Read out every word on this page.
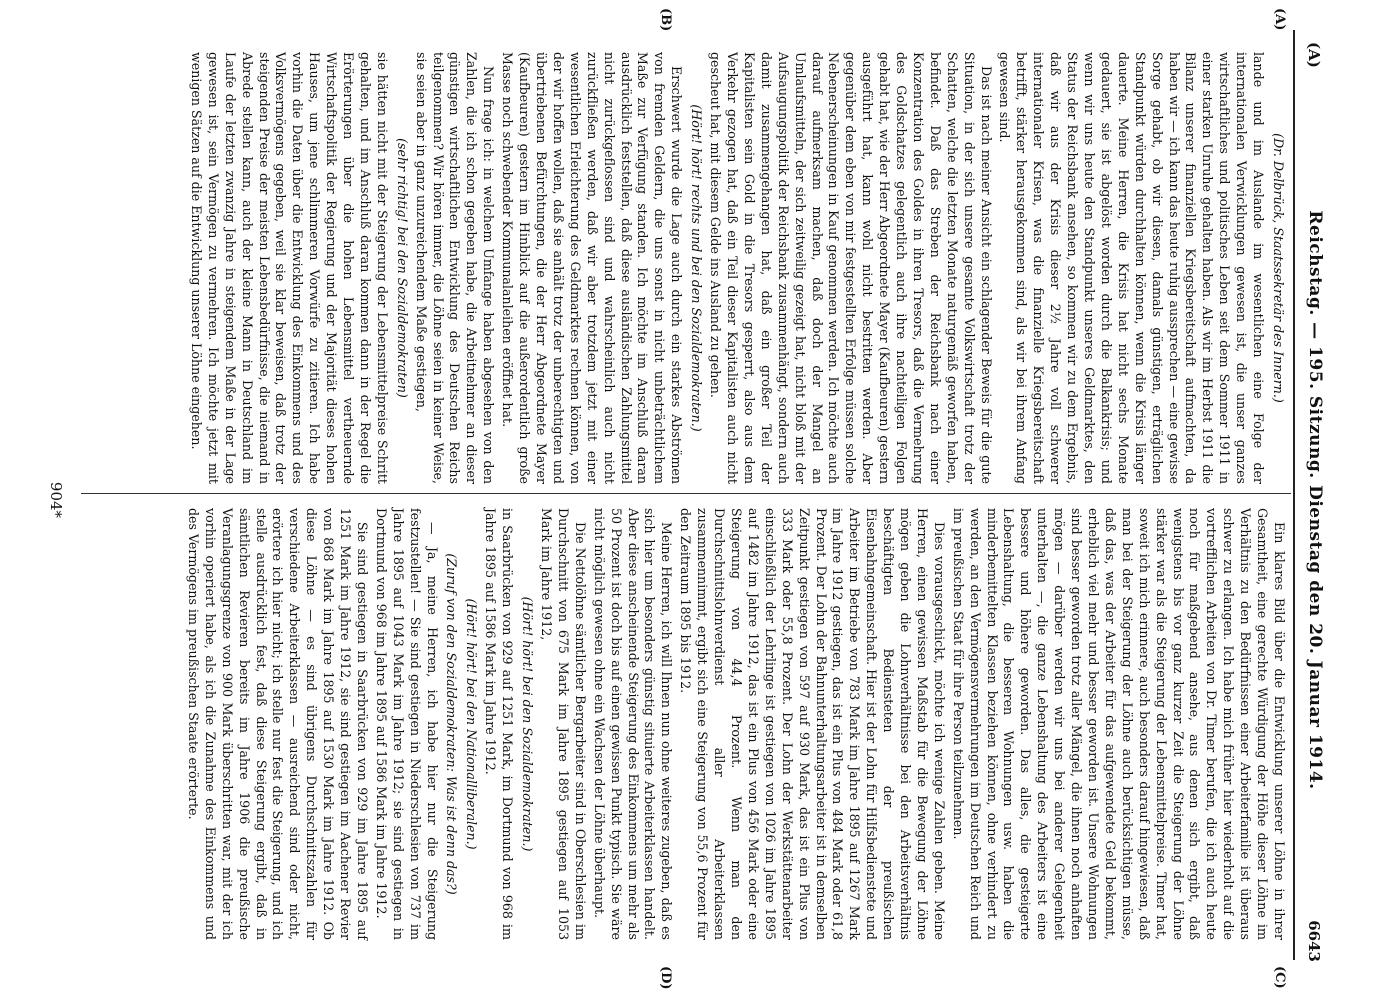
(A)
Reichstag. — 195. Sitzung. Dienstag den 20. Januar 1914.
6643
(A)
(B)
(C)
(D)

(Dr. Delbrück, Staatssekretär des Innern.)

lande und im Auslande im wesentlichen eine Folge der internationalen Verwicklungen gewesen ist, die unser ganzes wirtschaftliches und politisches Leben seit dem Sommer 1911 in einer starken Unruhe gehalten haben. Als wir im Herbst 1911 die Bilanz unserer finanziellen Kriegsbereitschaft aufmachten, da haben wir — ich kann das heute ruhig aussprechen — eine gewisse Sorge gehabt, ob wir diesen, damals günstigen, erträglichen Standpunkt würden durchhalten können, wenn die Krisis länger dauerte. Meine Herren, die Krisis hat nicht sechs Monate gedauert, sie ist abgelöst worden durch die Balkankrisis; und wenn wir uns heute den Standpunkt unseres Geldmarktes, den Status der Reichsbank ansehen, so kommen wir zu dem Ergebnis, daß wir aus der Krisis dieser 2½ Jahre voll schwerer internationaler Krisen, was die finanzielle Kriegsbereitschaft betrifft, stärker herausgekommen sind, als wir bei ihrem Anfang gewesen sind.

Das ist nach meiner Ansicht ein schlagender Beweis für die gute Situation, in der sich unsere gesamte Volkswirtschaft trotz der Schatten, welche die letzten Monate naturgemäß geworfen haben, befindet. Daß das Streben der Reichsbank nach einer Konzentration des Goldes in ihren Tresors, daß die Vermehrung des Goldschatzes gelegentlich auch ihre nachteiligen Folgen gehabt hat, wie der Herr Abgeordnete Mayer (Kaufbeuren) gestern ausgeführt hat, kann wohl nicht bestritten werden. Aber gegenüber dem eben von mir festgestellten Erfolge müssen solche Nebenerscheinungen in Kauf genommen werden. Ich möchte auch darauf aufmerksam machen, daß doch der Mangel an Umlaufsmitteln, der sich zeitweilig gezeigt hat, nicht bloß mit der Aufsaugungspolitik der Reichsbank zusammenhängt, sondern auch damit zusammengehangen hat, daß ein großer Teil der Kapitalisten sein Gold in die Tresors gesperrt, also aus dem Verkehr gezogen hat, daß ein Teil dieser Kapitalisten auch nicht gescheut hat, mit diesem Gelde ins Ausland zu gehen.

(Hört! hört! rechts und bei den Sozialdemokraten.)

Erschwert wurde die Lage auch durch ein starkes Abströmen von fremden Geldern, die uns sonst in nicht unbeträchtlichem Maße zur Verfügung standen. Ich möchte im Anschluß daran ausdrücklich feststellen, daß diese ausländischen Zahlungsmittel nicht zurückgeflossen sind und wahrscheinlich auch nicht zurückfließen werden, daß wir aber trotzdem jetzt mit einer wesentlichen Erleichterung des Geldmarktes rechnen können, von der wir hoffen wollen, daß sie anhält trotz der unberechtigten und übertriebenen Befürchtungen, die der Herr Abgeordnete Mayer (Kaufbeuren) gestern im Hinblick auf die außerordentlich große Masse noch schwebender Kommunalanleihen eröffnet hat.

Nun frage ich: in welchem Umfange haben abgesehen von den Zahlen, die ich schon gegeben habe, die Arbeitnehmer an dieser günstigen wirtschaftlichen Entwicklung des Deutschen Reichs teilgenommen? Wir hören immer, die Löhne seien in keiner Weise, sie seien aber in ganz unzureichendem Maße gestiegen,

(sehr richtig! bei den Sozialdemokraten)

sie hätten nicht mit der Steigerung der Lebensmittelpreise Schritt gehalten, und im Anschluß daran kommen dann in der Regel die Erörterungen über die hohen Lebensmittel vertheuernde Wirtschaftspolitik der Regierung und der Majorität dieses hohen Hauses, um jene schlimmeren Vorwürfe zu zitieren. Ich habe vorhin die Daten über die Entwicklung des Einkommens und des Volksvermögens gegeben, weil sie klar beweisen, daß trotz der steigenden Preise der meisten Lebensbedürfnisse, die niemand in Abrede stellen kann, auch der kleine Mann in Deutschland im Laufe der letzten zwanzig Jahre in steigendem Maße in der Lage gewesen ist, sein Vermögen zu vermehren. Ich möchte jetzt mit wenigen Sätzen auf die Entwicklung unserer Löhne eingehen.

Ein klares Bild über die Entwicklung unserer Löhne in ihrer Gesamtheit, eine gerechte Würdigung der Höhe dieser Löhne im Verhältnis zu den Bedürfnissen einer Arbeiterfamilie ist überaus schwer zu erlangen. Ich habe mich früher hier wiederholt auf die vortrefflichen Arbeiten von Dr. Timer berufen, die ich auch heute noch für maßgebend ansehe, aus denen sich ergibt, daß wenigstens bis vor ganz kurzer Zeit die Steigerung der Löhne stärker war als die Steigerung der Lebensmittelpreise. Timer hat, soweit ich mich erinnere, auch besonders darauf hingewiesen, daß man bei der Steigerung der Löhne auch berücksichtigen müsse, daß das, was der Arbeiter für das aufgewendete Geld bekommt, erheblich viel mehr und besser geworden ist. Unsere Wohnungen sind besser geworden trotz aller Mängel, die ihnen noch anhaften mögen — darüber werden wir uns bei anderer Gelegenheit unterhalten —, die ganze Lebenshaltung des Arbeiters ist eine bessere und höhere geworden. Das alles, die gesteigerte Lebenshaltung, die besseren Wohnungen usw. haben die minderbemittelten Klassen beziehen können, ohne verhindert zu werden, an den Vermögensvermehrungen im Deutschen Reich und im preußischen Staat für ihre Person teilzunehmen.

Dies vorausgeschickt, möchte ich wenige Zahlen geben. Meine Herren, einen gewissen Maßstab für die Bewegung der Löhne mögen geben die Lohnverhältnisse bei den Arbeitsverhältnis beschäftigten Bediensteten der preußischen Eisenbahngemeinschaft. Hier ist der Lohn für Hilfsbedienstete und Arbeiter im Betriebe von 783 Mark im Jahre 1895 auf 1267 Mark im Jahre 1912 gestiegen, das ist ein Plus von 484 Mark oder 61,8 Prozent. Der Lohn der Bahnunterhaltungsarbeiter ist in demselben Zeitpunkt gestiegen von 597 auf 930 Mark, das ist ein Plus von 333 Mark oder 55,8 Prozent. Der Lohn der Werkstättenarbeiter einschließlich der Lehrlinge ist gestiegen von 1026 im Jahre 1895 auf 1482 im Jahre 1912, das ist ein Plus von 456 Mark oder eine Steigerung von 44,4 Prozent. Wenn man den Durchschnittslohnverdienst aller Arbeiterklassen zusammennimmt, ergibt sich eine Steigerung von 55,6 Prozent für den Zeitraum 1895 bis 1912.

Meine Herren, ich will Ihnen nun ohne weiteres zugeben, daß es sich hier um besonders günstig situierte Arbeiterklassen handelt. Aber diese anscheinende Steigerung des Einkommens um mehr als 50 Prozent ist doch bis auf einen gewissen Punkt typisch. Sie wäre nicht möglich gewesen ohne ein Wachsen der Löhne überhaupt.

Die Nettolöhne sämtlicher Bergarbeiter sind in Oberschlesien im Durchschnitt von 675 Mark im Jahre 1895 gestiegen auf 1053 Mark im Jahre 1912,

(Hört! hört! bei den Sozialdemokraten.)

in Saarbrücken von 929 auf 1251 Mark, im Dortmund von 968 im Jahre 1895 auf 1586 Mark im Jahre 1912.

(Hört! hört! bei den Nationalliberalen.)

(Zuruf von den Sozialdemokraten: Was ist denn das?)

— Ja, meine Herren, ich habe hier nur die Steigerung festzustellen! — Sie sind gestiegen in Niederschlesien von 737 im Jahre 1895 auf 1043 Mark im Jahre 1912; sie sind gestiegen in Dortmund von 968 im Jahre 1895 auf 1586 Mark im Jahre 1912.

Sie sind gestiegen in Saarbrücken von 929 im Jahre 1895 auf 1251 Mark im Jahre 1912, sie sind gestiegen im Aachener Revier von 868 Mark im Jahre 1895 auf 1530 Mark im Jahre 1912. Ob diese Löhne — es sind übrigens Durchschnittszahlen für verschiedene Arbeiterklassen — ausreichend sind oder nicht, erörtere ich hier nicht; ich stelle nur fest die Steigerung, und ich stelle ausdrücklich fest, daß diese Steigerung ergibt, daß in sämtlichen Revieren bereits im Jahre 1906 die preußische Veranlagungsgrenze von 900 Mark überschritten war, mit der ich vorhin operiert habe, als ich die Zunahme des Einkommens und des Vermögens im preußischen Staate erörterte.

904*
